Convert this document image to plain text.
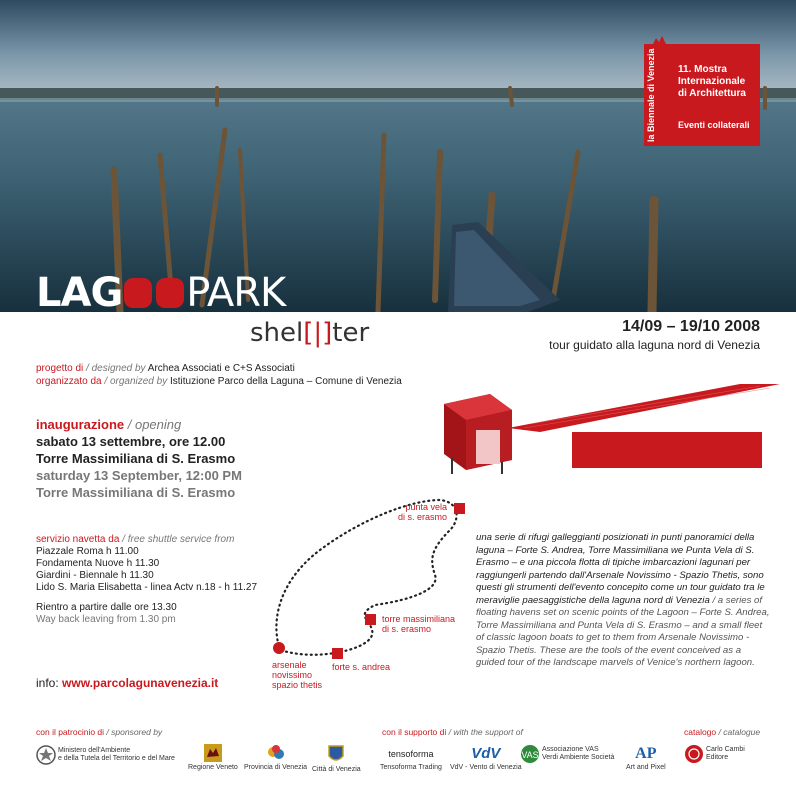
la Biennale di Venezia 11. Mostra
Internazionale
di Architettura
Eventi collaterali
LAG PARK
shel[|]ter	14/09 – 19/10 2008
tour guidato alla laguna nord di Venezia
progetto di / designed by Archea Associati e C+S Associati
organizzato da / organized by Istituzione Parco della Laguna – Comune di Venezia
inaugurazione / opening
sabato 13 settembre, ore 12.00
Torre Massimiliana di S. Erasmo
saturday 13 September, 12:00 PM
Torre Massimiliana di S. Erasmo
servizio navetta da / free shuttle service from
Piazzale Roma h 11.00
Fondamenta Nuove h 11.30
Giardini - Biennale h 11.30
Lido S. Maria Elisabetta - linea Actv n.18 - h 11.27
Rientro a partire dalle ore 13.30
Way back leaving from 1.30 pm
info: www.parcolagunavenezia.it
punta vela
di s. erasmo
torre massimiliana
di s. erasmo
forte s. andrea
arsenale
novissimo
spazio thetis
una serie di rifugi galleggianti posizionati in punti panoramici della laguna – Forte S. Andrea, Torre Massimiliana we Punta Vela di S. Erasmo – e una piccola flotta di tipiche imbarcazioni lagunari per raggiungerli partendo dall'Arsenale Novissimo - Spazio Thetis, sono questi gli strumenti dell'evento concepito come un tour guidato tra le meraviglie paesaggistiche della laguna nord di Venezia / a series of floating havens set on scenic points of the Lagoon – Forte S. Andrea, Torre Massimiliana and Punta Vela di S. Erasmo – and a small fleet of classic lagoon boats to get to them from Arsenale Novissimo - Spazio Thetis. These are the tools of the event conceived as a guided tour of the landscape marvels of Venice's northern lagoon.
con il patrocinio di / sponsored by	con il supporto di / with the support of	catalogo / catalogue
Ministero dell'Ambiente
e della Tutela del Territorio e del Mare
Regione Veneto Provincia di Venezia Città di Venezia
tensoforma
Tensoforma Trading
VdV
VdV - Vento di Venezia
VAS
Associazione VAS
Verdi Ambiente Società	AP
Art and Pixel
Carlo Cambi
Editore
